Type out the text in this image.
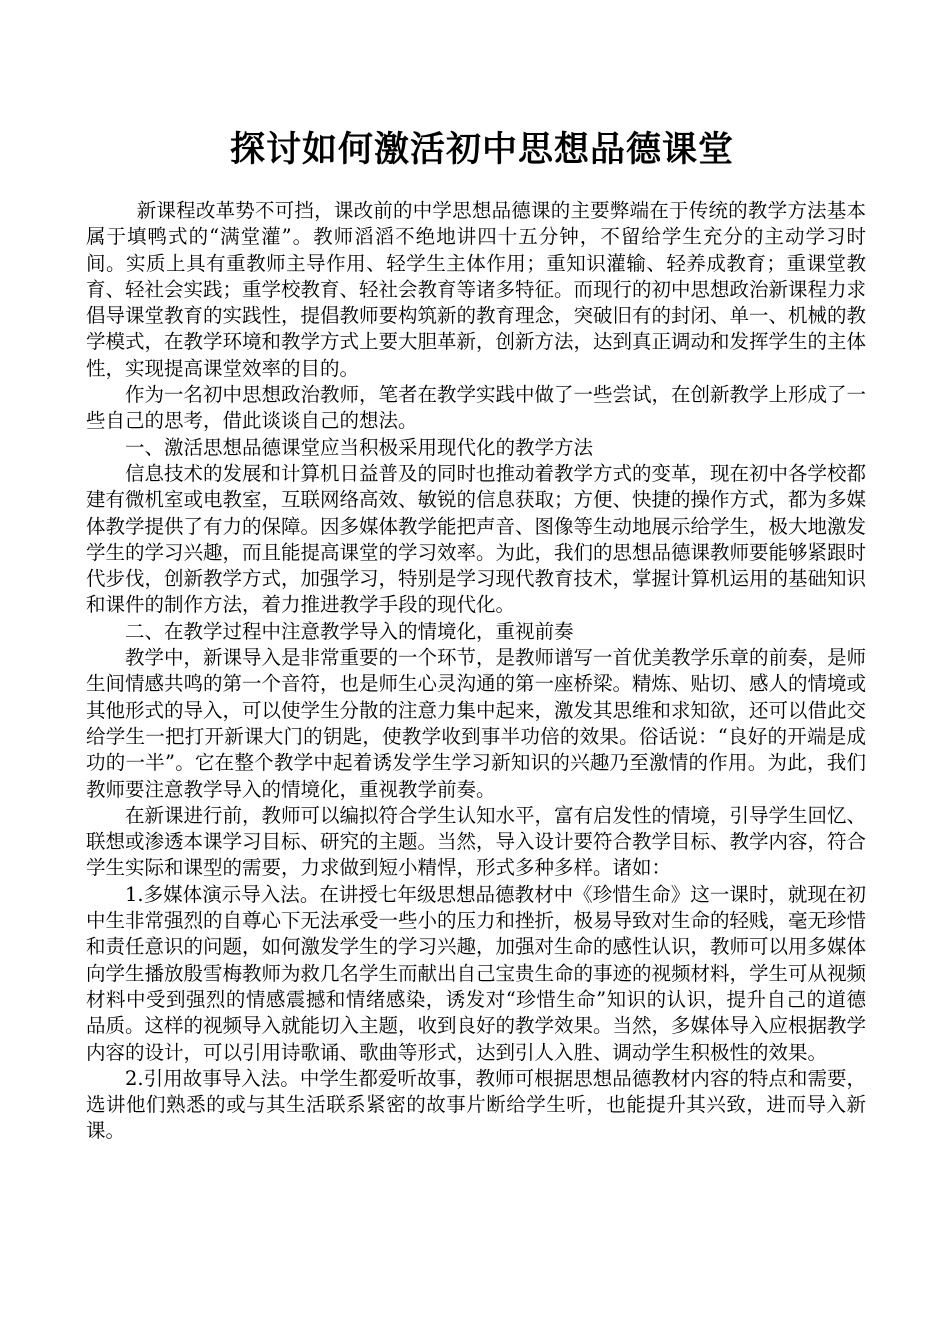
探讨如何激活初中思想品德课堂

新课程改革势不可挡，课改前的中学思想品德课的主要弊端在于传统的教学方法基本属于填鸭式的“满堂灌”。教师滔滔不绝地讲四十五分钟，不留给学生充分的主动学习时间。实质上具有重教师主导作用、轻学生主体作用；重知识灌输、轻养成教育；重课堂教育、轻社会实践；重学校教育、轻社会教育等诸多特征。而现行的初中思想政治新课程力求倡导课堂教育的实践性，提倡教师要构筑新的教育理念，突破旧有的封闭、单一、机械的教学模式，在教学环境和教学方式上要大胆革新，创新方法，达到真正调动和发挥学生的主体性，实现提高课堂效率的目的。

作为一名初中思想政治教师，笔者在教学实践中做了一些尝试，在创新教学上形成了一些自己的思考，借此谈谈自己的想法。

一、激活思想品德课堂应当积极采用现代化的教学方法

信息技术的发展和计算机日益普及的同时也推动着教学方式的变革，现在初中各学校都建有微机室或电教室，互联网络高效、敏锐的信息获取；方便、快捷的操作方式，都为多媒体教学提供了有力的保障。因多媒体教学能把声音、图像等生动地展示给学生，极大地激发学生的学习兴趣，而且能提高课堂的学习效率。为此，我们的思想品德课教师要能够紧跟时代步伐，创新教学方式，加强学习，特别是学习现代教育技术，掌握计算机运用的基础知识和课件的制作方法，着力推进教学手段的现代化。

二、在教学过程中注意教学导入的情境化，重视前奏

教学中，新课导入是非常重要的一个环节，是教师谱写一首优美教学乐章的前奏，是师生间情感共鸣的第一个音符，也是师生心灵沟通的第一座桥梁。精炼、贴切、感人的情境或其他形式的导入，可以使学生分散的注意力集中起来，激发其思维和求知欲，还可以借此交给学生一把打开新课大门的钥匙，使教学收到事半功倍的效果。俗话说：“良好的开端是成功的一半”。它在整个教学中起着诱发学生学习新知识的兴趣乃至激情的作用。为此，我们教师要注意教学导入的情境化，重视教学前奏。

在新课进行前，教师可以编拟符合学生认知水平，富有启发性的情境，引导学生回忆、联想或渗透本课学习目标、研究的主题。当然，导入设计要符合教学目标、教学内容，符合学生实际和课型的需要，力求做到短小精悍，形式多种多样。诸如：

1.多媒体演示导入法。在讲授七年级思想品德教材中《珍惜生命》这一课时，就现在初中生非常强烈的自尊心下无法承受一些小的压力和挫折，极易导致对生命的轻贱，毫无珍惜和责任意识的问题，如何激发学生的学习兴趣，加强对生命的感性认识，教师可以用多媒体向学生播放殷雪梅教师为救几名学生而献出自己宝贵生命的事迹的视频材料，学生可从视频材料中受到强烈的情感震撼和情绪感染，诱发对“珍惜生命”知识的认识，提升自己的道德品质。这样的视频导入就能切入主题，收到良好的教学效果。当然，多媒体导入应根据教学内容的设计，可以引用诗歌诵、歌曲等形式，达到引人入胜、调动学生积极性的效果。

2.引用故事导入法。中学生都爱听故事，教师可根据思想品德教材内容的特点和需要，选讲他们熟悉的或与其生活联系紧密的故事片断给学生听，也能提升其兴致，进而导入新课。
